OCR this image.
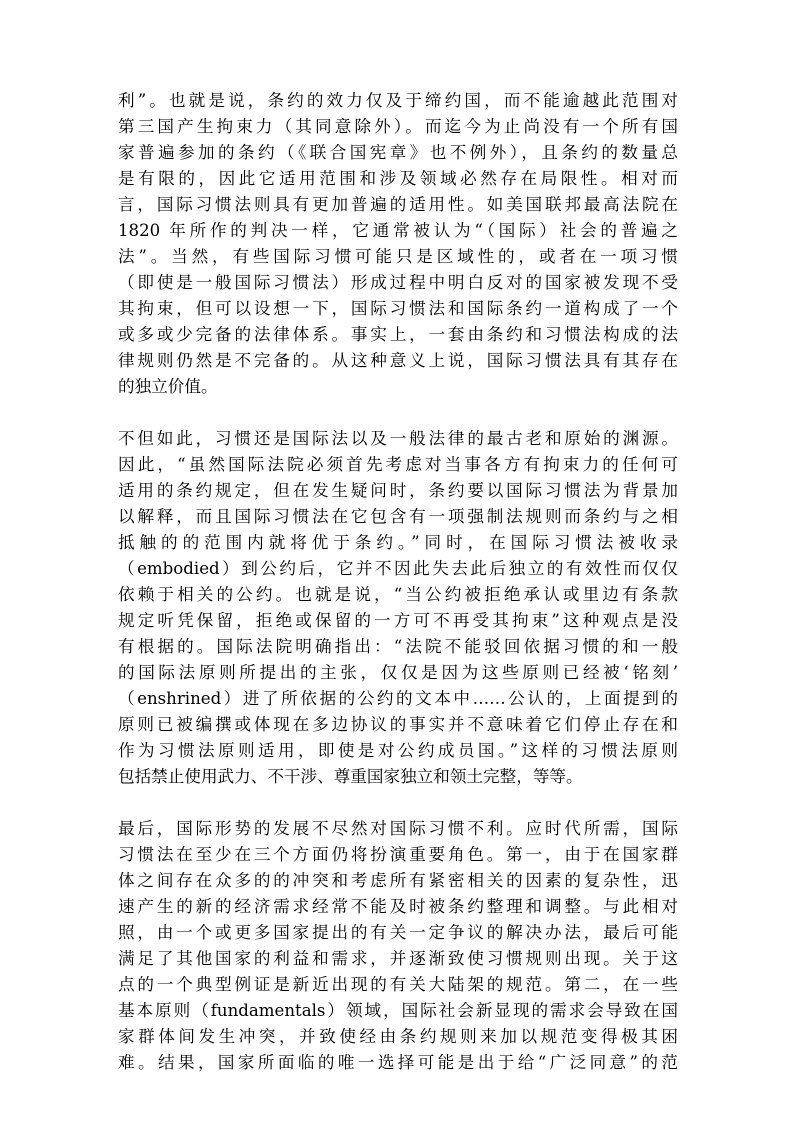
利”。也就是说，条约的效力仅及于缔约国，而不能逾越此范围对
第三国产生拘束力（其同意除外）。而迄今为止尚没有一个所有国
家普遍参加的条约（《联合国宪章》也不例外），且条约的数量总
是有限的，因此它适用范围和涉及领域必然存在局限性。相对而
言，国际习惯法则具有更加普遍的适用性。如美国联邦最高法院在
1820 年所作的判决一样，它通常被认为“（国际）社会的普遍之
法”。当然，有些国际习惯可能只是区域性的，或者在一项习惯
（即使是一般国际习惯法）形成过程中明白反对的国家被发现不受
其拘束，但可以设想一下，国际习惯法和国际条约一道构成了一个
或多或少完备的法律体系。事实上，一套由条约和习惯法构成的法
律规则仍然是不完备的。从这种意义上说，国际习惯法具有其存在
的独立价值。
不但如此，习惯还是国际法以及一般法律的最古老和原始的渊源。
因此，“虽然国际法院必须首先考虑对当事各方有拘束力的任何可
适用的条约规定，但在发生疑问时，条约要以国际习惯法为背景加
以解释，而且国际习惯法在它包含有一项强制法规则而条约与之相
抵触的的范围内就将优于条约。”同时，在国际习惯法被收录
（embodied）到公约后，它并不因此失去此后独立的有效性而仅仅
依赖于相关的公约。也就是说，“当公约被拒绝承认或里边有条款
规定听凭保留，拒绝或保留的一方可不再受其拘束”这种观点是没
有根据的。国际法院明确指出：“法院不能驳回依据习惯的和一般
的国际法原则所提出的主张，仅仅是因为这些原则已经被‘铭刻’
（enshrined）进了所依据的公约的文本中……公认的，上面提到的
原则已被编撰或体现在多边协议的事实并不意味着它们停止存在和
作为习惯法原则适用，即使是对公约成员国。”这样的习惯法原则
包括禁止使用武力、不干涉、尊重国家独立和领土完整，等等。
最后，国际形势的发展不尽然对国际习惯不利。应时代所需，国际
习惯法在至少在三个方面仍将扮演重要角色。第一，由于在国家群
体之间存在众多的的冲突和考虑所有紧密相关的因素的复杂性，迅
速产生的新的经济需求经常不能及时被条约整理和调整。与此相对
照，由一个或更多国家提出的有关一定争议的解决办法，最后可能
满足了其他国家的利益和需求，并逐渐致使习惯规则出现。关于这
点的一个典型例证是新近出现的有关大陆架的规范。第二，在一些
基本原则（fundamentals）领域，国际社会新显现的需求会导致在国
家群体间发生冲突，并致使经由条约规则来加以规范变得极其困
难。结果，国家所面临的唯一选择可能是出于给“广泛同意”的范
